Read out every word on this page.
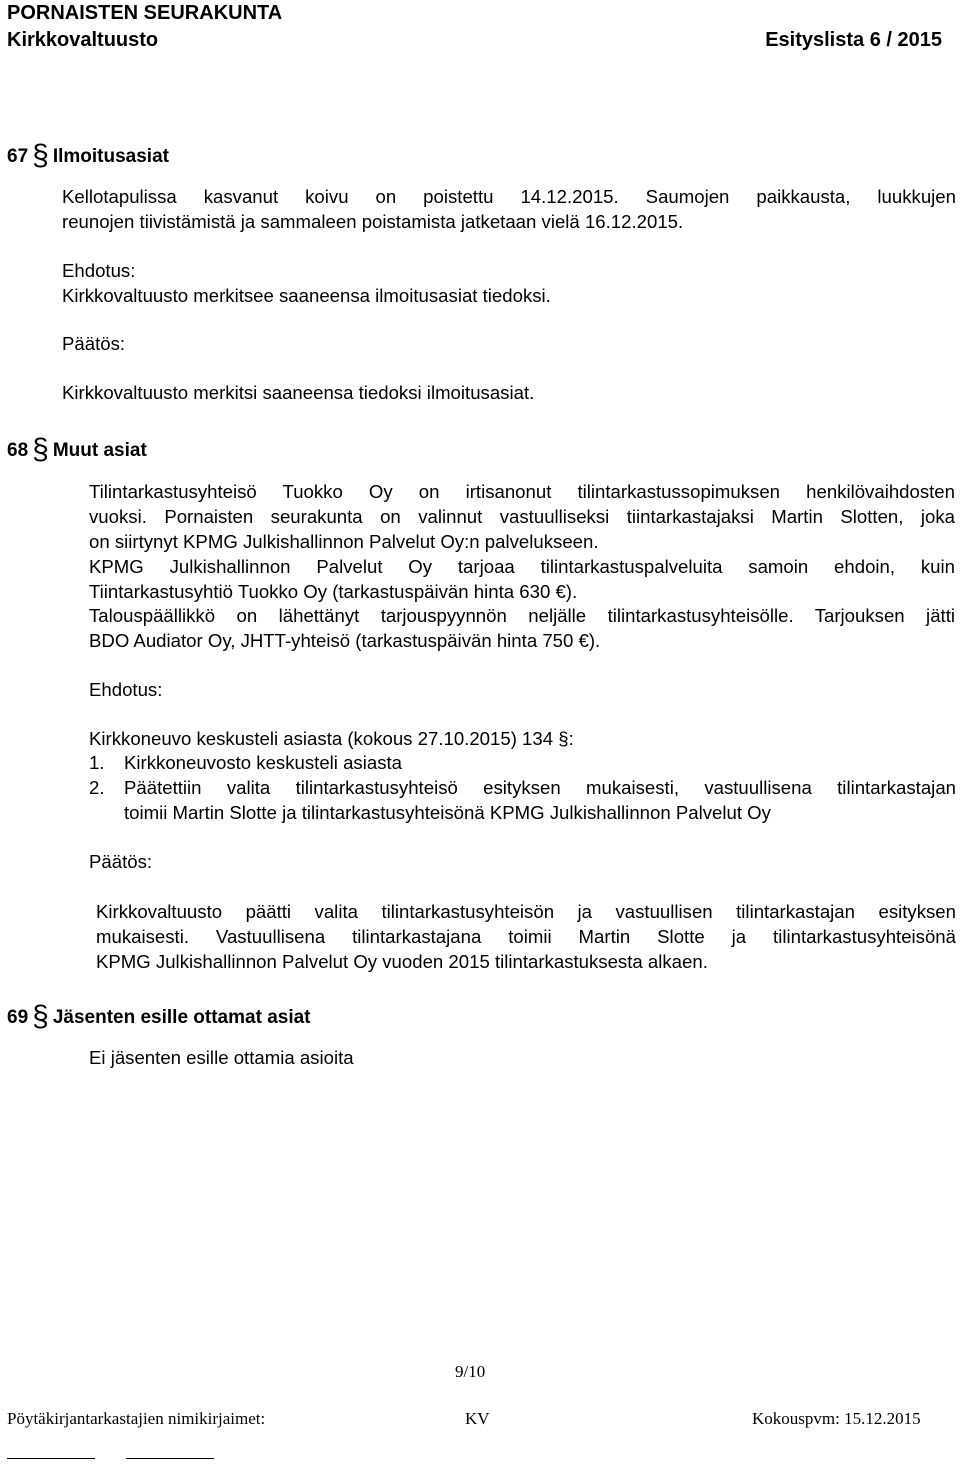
PORNAISTEN SEURAKUNTA
Kirkkovaltuusto	Esityslista 6 / 2015
67 § Ilmoitusasiat
Kellotapulissa kasvanut koivu on poistettu 14.12.2015. Saumojen paikkausta, luukkujen
reunojen tiivistämistä ja sammaleen poistamista jatketaan vielä 16.12.2015.
Ehdotus:
Kirkkovaltuusto merkitsee saaneensa ilmoitusasiat tiedoksi.
Päätös:
Kirkkovaltuusto merkitsi saaneensa tiedoksi ilmoitusasiat.
68 § Muut asiat
Tilintarkastusyhteisö Tuokko Oy on irtisanonut tilintarkastussopimuksen henkilövaihdosten
vuoksi. Pornaisten seurakunta on valinnut vastuulliseksi tiintarkastajaksi Martin Slotten, joka
on siirtynyt KPMG Julkishallinnon Palvelut Oy:n palvelukseen.
KPMG Julkishallinnon Palvelut Oy tarjoaa tilintarkastuspalveluita samoin ehdoin, kuin
Tiintarkastusyhtiö Tuokko Oy (tarkastuspäivän hinta 630 €).
Talouspäällikkö on lähettänyt tarjouspyynnön neljälle tilintarkastusyhteisölle. Tarjouksen jätti
BDO Audiator Oy, JHTT-yhteisö (tarkastuspäivän hinta 750 €).
Ehdotus:
Kirkkoneuvo keskusteli asiasta (kokous 27.10.2015) 134 §:
1. Kirkkoneuvosto keskusteli asiasta
2. Päätettiin valita tilintarkastusyhteisö esityksen mukaisesti, vastuullisena tilintarkastajan
toimii Martin Slotte ja tilintarkastusyhteisönä KPMG Julkishallinnon Palvelut Oy
Päätös:
Kirkkovaltuusto päätti valita tilintarkastusyhteisön ja vastuullisen tilintarkastajan esityksen
mukaisesti. Vastuullisena tilintarkastajana toimii Martin Slotte ja tilintarkastusyhteisönä
KPMG Julkishallinnon Palvelut Oy vuoden 2015 tilintarkastuksesta alkaen.
69 § Jäsenten esille ottamat asiat
Ei jäsenten esille ottamia asioita
9/10
Pöytäkirjantarkastajien nimikirjaimet:	KV	Kokouspvm: 15.12.2015
